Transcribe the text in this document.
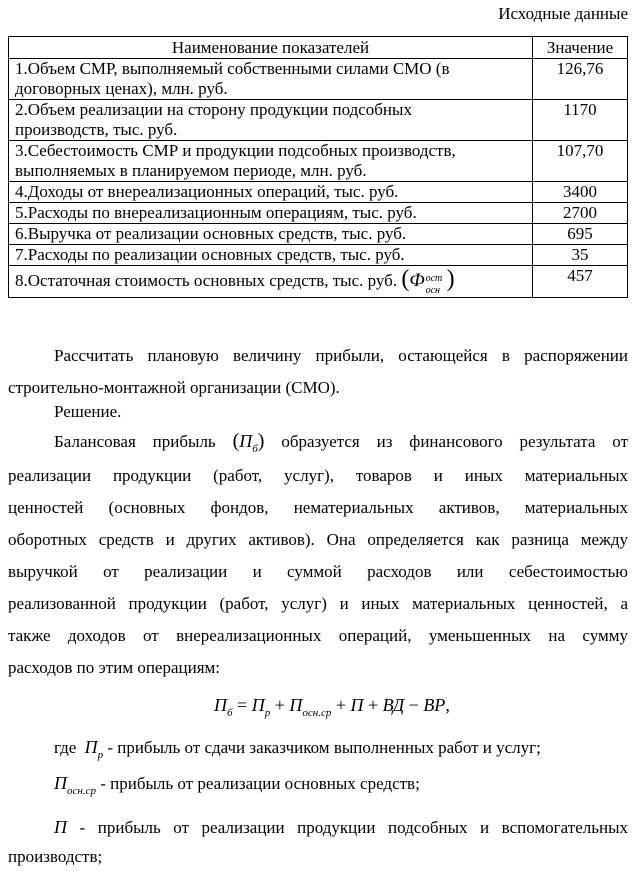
Исходные данные
Наименование показателей	Значение
1.Объем СМР, выполняемый собственными силами СМО (в
договорных ценах), млн. руб.	126,76
2.Объем реализации на сторону продукции подсобных
производств, тыс. руб.	1170
3.Себестоимость СМР и продукции подсобных производств,
выполняемых в планируемом периоде, млн. руб.	107,70
4.Доходы от внереализационных операций, тыс. руб.	3400
5.Расходы по внереализационным операциям, тыс. руб.	2700
6.Выручка от реализации основных средств, тыс. руб.	695
7.Расходы по реализации основных средств, тыс. руб.	35
8.Остаточная стоимость основных средств, тыс. руб. (Ф ост
осн )	457
Рассчитать плановую величину прибыли, остающейся в распоряжении
строительно-монтажной организации (СМО).
Решение.
Балансовая прибыль $(П_б)$ образуется из финансового результата от
реализации продукции (работ, услуг), товаров и иных материальных
ценностей (основных фондов, нематериальных активов, материальных
оборотных средств и других активов). Она определяется как разница между
выручкой от реализации и суммой расходов или себестоимостью
реализованной продукции (работ, услуг) и иных материальных ценностей, а
также доходов от внереализационных операций, уменьшенных на сумму
расходов по этим операциям:
$П_б = П_р + П_{осн.ср} + П$ + ВД − ВР,
где $П_р$ - прибыль от сдачи заказчиком выполненных работ и услуг;
$П_{осн.ср}$ - прибыль от реализации основных средств;
П - прибыль от реализации продукции подсобных и вспомогательных
производств;
